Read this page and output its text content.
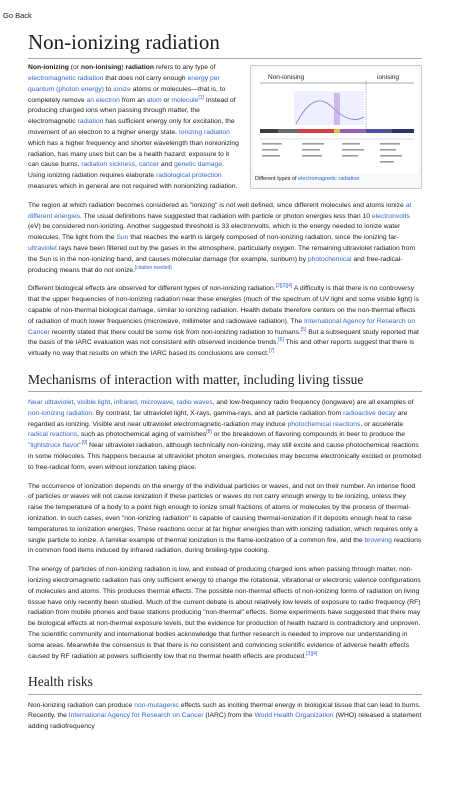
Go Back
Non-ionizing radiation
Non-ionising	ionising
Different types of electromagnetic radiation

Non-ionizing (or non-ionising) radiation refers to any type of electromagnetic radiation that does not carry enough energy per quantum (photon energy) to ionize atoms or molecules—that is, to completely remove an electron from an atom or molecule[1] Instead of producing charged ions when passing through matter, the electromagnetic radiation has sufficient energy only for excitation, the movement of an electron to a higher energy state. Ionizing radiation which has a higher frequency and shorter wavelength than nonionizing radiation, has many uses but can be a health hazard; exposure to it can cause burns, radiation sickness, cancer and genetic damage. Using ionizing radiation requires elaborate radiological protection measures which in general are not required with nonionizing radiation.

The region at which radiation becomes considered as "ionizing" is not well defined, since different molecules and atoms ionize at different energies. The usual definitions have suggested that radiation with particle or photon energies less than 10 electronvolts (eV) be considered non-ionizing. Another suggested threshold is 33 electronvolts, which is the energy needed to ionize water molecules. The light from the Sun that reaches the earth is largely composed of non-ionizing radiation, since the ionizing far-ultraviolet rays have been filtered out by the gases in the atmosphere, particularly oxygen. The remaining ultraviolet radiation from the Sun is in the non-ionizing band, and causes molecular damage (for example, sunburn) by photochemical and free-radical-producing means that do not ionize.[citation needed]

Different biological effects are observed for different types of non-ionizing radiation.[2][3][4] A difficulty is that there is no controversy that the upper frequencies of non-ionizing radiation near these energies (much of the spectrum of UV light and some visible light) is capable of non-thermal biological damage, similar to ionizing radiation. Health debate therefore centers on the non-thermal effects of radiation of much lower frequencies (microwave, millimeter and radiowave radiation). The International Agency for Research on Cancer recently stated that there could be some risk from non-ionizing radiation to humans.[5] But a subsequent study reported that the basis of the IARC evaluation was not consistent with observed incidence trends.[6] This and other reports suggest that there is virtually no way that results on which the IARC based its conclusions are correct.[7]

Mechanisms of interaction with matter, including living tissue

Near ultraviolet, visible light, infrared, microwave, radio waves, and low-frequency radio frequency (longwave) are all examples of non-ionizing radiation. By contrast, far ultraviolet light, X-rays, gamma-rays, and all particle radiation from radioactive decay are regarded as ionizing. Visible and near ultraviolet electromagnetic-radiation may induce photochemical reactions, or accelerate radical reactions, such as photochemical aging of varnishes[8] or the breakdown of flavoring compounds in beer to produce the "lightstruck flavor"[9] Near ultraviolet radiation, although technically non-ionizing, may still excite and cause photochemical reactions in some molecules. This happens because at ultraviolet photon energies, molecules may become electronically excited or promoted to free-radical form, even without ionization taking place.

The occurrence of ionization depends on the energy of the individual particles or waves, and not on their number. An intense flood of particles or waves will not cause ionization if these particles or waves do not carry enough energy to be ionizing, unless they raise the temperature of a body to a point high enough to ionize small fractions of atoms or molecules by the process of thermal-ionization. In such cases, even "non-ionizing radiation" is capable of causing thermal-ionization if it deposits enough heat to raise temperatures to ionization energies. These reactions occur at far higher energies than with ionizing radiation, which requires only a single particle to ionize. A familiar example of thermal ionization is the flame-ionization of a common fire, and the browning reactions in common food items induced by infrared radiation, during broiling-type cooking.

The energy of particles of non-ionizing radiation is low, and instead of producing charged ions when passing through matter, non-ionizing electromagnetic radiation has only sufficient energy to change the rotational, vibrational or electronic valence configurations of molecules and atoms. This produces thermal effects. The possible non-thermal effects of non-ionizing forms of radiation on living tissue have only recently been studied. Much of the current debate is about relatively low levels of exposure to radio frequency (RF) radiation from mobile phones and base stations producing "non-thermal" effects. Some experiments have suggested that there may be biological effects at non-thermal exposure levels, but the evidence for production of health hazard is contradictory and unproven. The scientific community and international bodies acknowledge that further research is needed to improve our understanding in some areas. Meanwhile the consensus is that there is no consistent and convincing scientific evidence of adverse health effects caused by RF radiation at powers sufficiently low that no thermal health effects are produced.[3][4]

Health risks

Non-ionizing radiation can produce non-mutagenic effects such as inciting thermal energy in biological tissue that can lead to burns. Recently, the International Agency for Research on Cancer (IARC) from the World Health Organization (WHO) released a statement adding radiofrequency
